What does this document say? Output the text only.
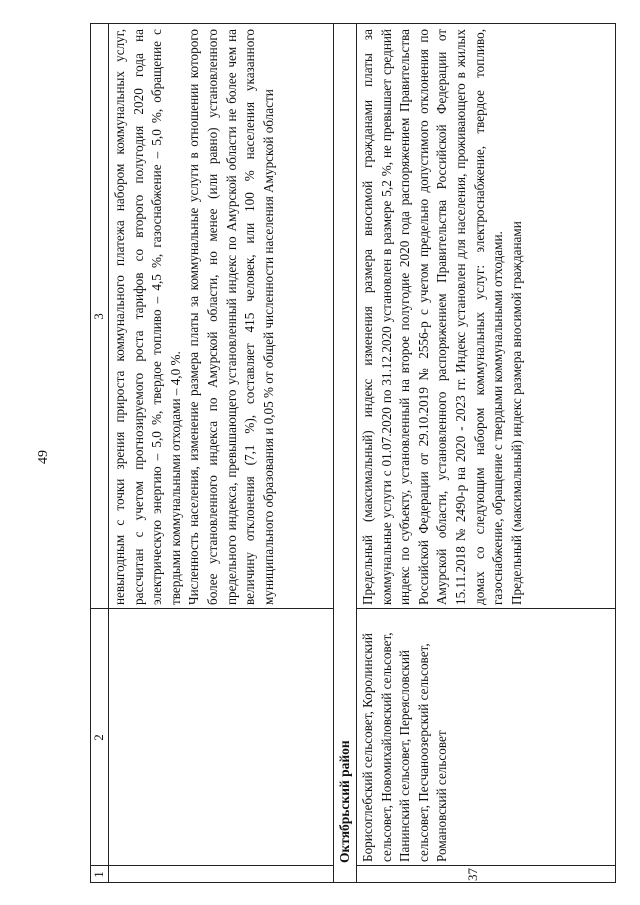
49
1
2
3 невыгодным с точки зрения прироста коммунального платежа набором коммунальных услуг, рассчитан с учетом прогнозируемого роста тарифов со второго полугодия 2020 года на электрическую энергию – 5,0 %, твердое топливо – 4,5 %, газоснабжение – 5,0 %, обращение с твердыми коммунальными отходами – 4,0 %. Численность населения, изменение размера платы за коммунальные услуги в отношении которого более установленного индекса по Амурской области, но менее (или равно) установленного предельного индекса, превышающего установленный индекс по Амурской области не более чем на величину отклонения (7,1 %), составляет 415 человек, или 100 % населения указанного муниципального образования и 0,05 % от общей численности населения Амурской области

Октябрьский район
37
Борисоглебский сельсовет, Королинский сельсовет, Новомихайловский сельсовет, Панинский сельсовет, Переясловский сельсовет, Песчаноозерский сельсовет, Романовский сельсовет

Предельный (максимальный) индекс изменения размера вносимой гражданами платы за коммунальные услуги с 01.07.2020 по 31.12.2020 установлен в размере 5,2 %, не превышает средний индекс по субъекту, установленный на второе полугодие 2020 года распоряжением Правительства Российской Федерации от 29.10.2019 № 2556-р с учетом предельно допустимого отклонения по Амурской области, установленного распоряжением Правительства Российской Федерации от 15.11.2018 № 2490-р на 2020 - 2023 гг. Индекс установлен для населения, проживающего в жилых домах со следующим набором коммунальных услуг: электроснабжение, твердое топливо, газоснабжение, обращение с твердыми коммунальными отходами. Предельный (максимальный) индекс размера вносимой гражданами
